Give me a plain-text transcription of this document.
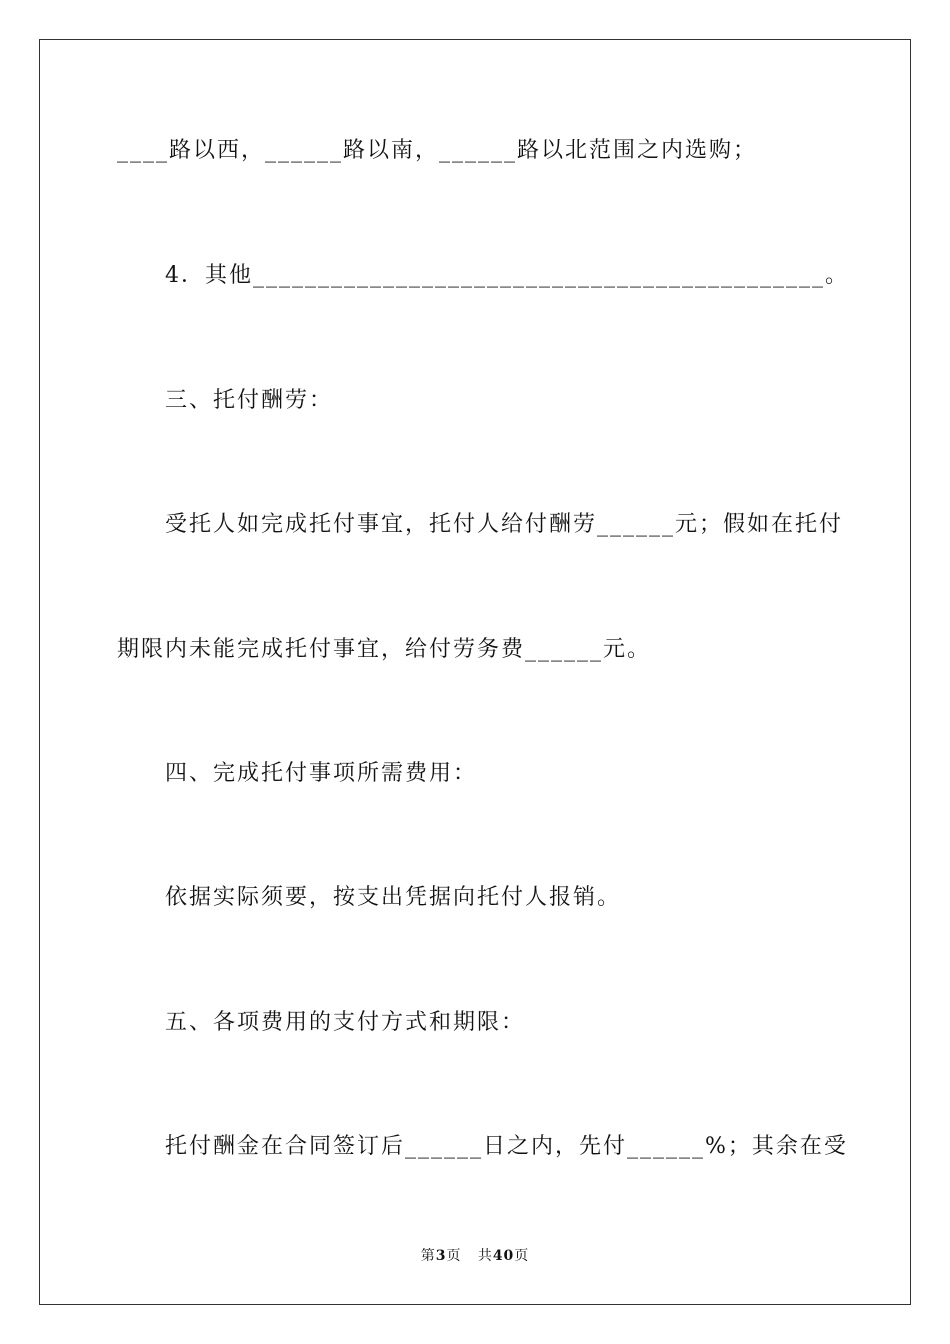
____路以西，______路以南，______路以北范围之内选购；
4．其他____________________________________________。
三、托付酬劳：
受托人如完成托付事宜，托付人给付酬劳______元；假如在托付
期限内未能完成托付事宜，给付劳务费______元。
四、完成托付事项所需费用：
依据实际须要，按支出凭据向托付人报销。
五、各项费用的支付方式和期限：
托付酬金在合同签订后______日之内，先付______%；其余在受
第3页 共40页
